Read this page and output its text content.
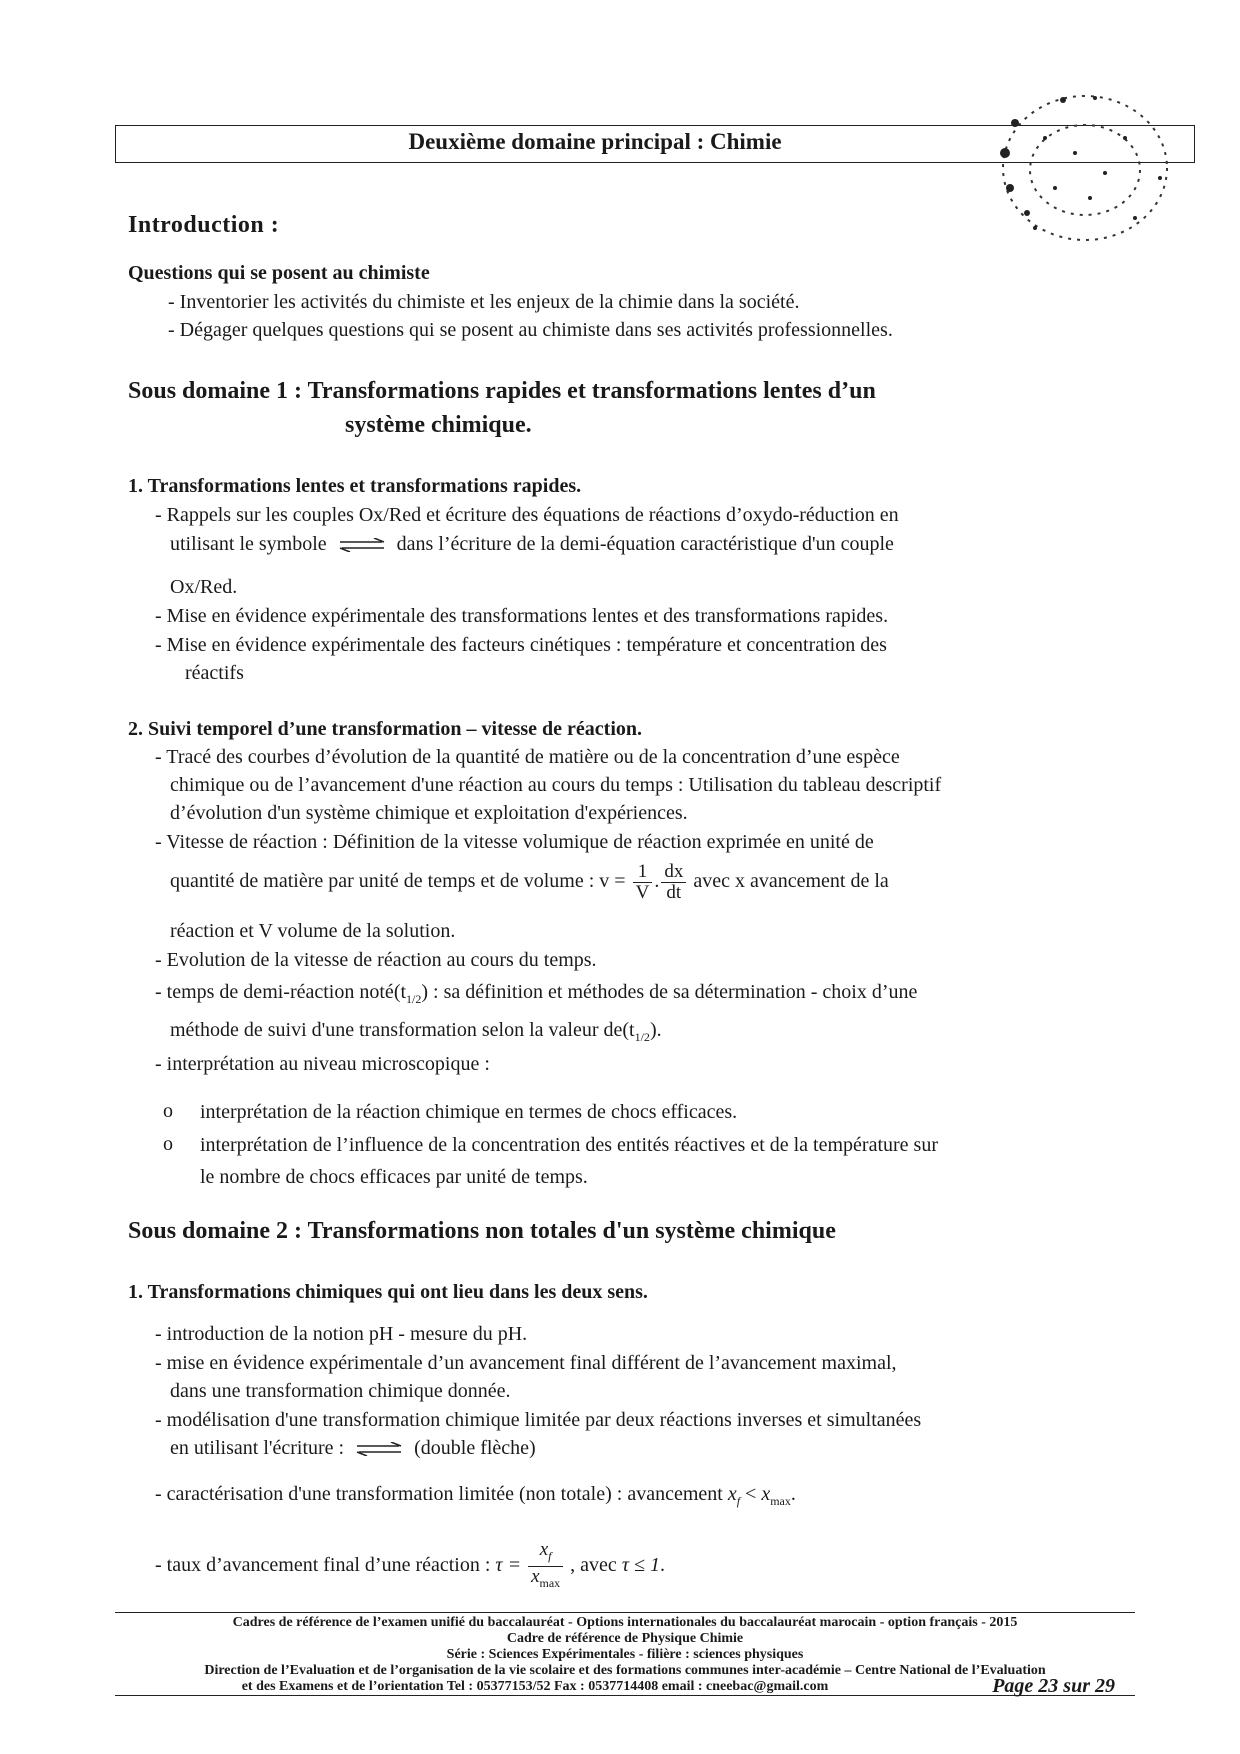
Deuxième domaine principal : Chimie
Introduction :
Questions qui se posent au chimiste
- Inventorier les activités du chimiste et les enjeux de la chimie dans la société.
- Dégager quelques questions qui se posent au chimiste dans ses activités professionnelles.
Sous domaine 1 : Transformations rapides et transformations lentes d’un
système chimique.
1. Transformations lentes et transformations rapides.
- Rappels sur les couples Ox/Red et écriture des équations de réactions d’oxydo-réduction en
utilisant le symbole ⇌ dans l’écriture de la demi-équation caractéristique d'un couple
Ox/Red.
- Mise en évidence expérimentale des transformations lentes et des transformations rapides.
- Mise en évidence expérimentale des facteurs cinétiques : température et concentration des
réactifs
2. Suivi temporel d’une transformation – vitesse de réaction.
- Tracé des courbes d’évolution de la quantité de matière ou de la concentration d’une espèce
chimique ou de l’avancement d'une réaction au cours du temps : Utilisation du tableau descriptif
d’évolution d'un système chimique et exploitation d'expériences.
- Vitesse de réaction : Définition de la vitesse volumique de réaction exprimée en unité de
quantité de matière par unité de temps et de volume : $v = \frac{1}{V}$ . $\frac{dx}{dt}$ avec x avancement de la
réaction et V volume de la solution.
- Evolution de la vitesse de réaction au cours du temps.
- temps de demi-réaction $noté(t_{1/2})$ : sa définition et méthodes de sa détermination - choix d’une
méthode de suivi d'une transformation selon la valeur $de(t_{1/2})$.
- interprétation au niveau microscopique :
o interprétation de la réaction chimique en termes de chocs efficaces.
o interprétation de l’influence de la concentration des entités réactives et de la température sur
le nombre de chocs efficaces par unité de temps.
Sous domaine 2 : Transformations non totales d'un système chimique
1. Transformations chimiques qui ont lieu dans les deux sens.
- introduction de la notion pH - mesure du pH.
- mise en évidence expérimentale d’un avancement final différent de l’avancement maximal,
dans une transformation chimique donnée.
- modélisation d'une transformation chimique limitée par deux réactions inverses et simultanées
en utilisant l'écriture :	(double flèche)
- caractérisation d'une transformation limitée (non totale) : avancement $x_f < x_{max}$.
- taux d’avancement final d’une réaction : $\tau = \frac{x_f}{x_{max}}$ , avec τ ≤ 1.
Cadres de référence de l’examen unifié du baccalauréat - Options internationales du baccalauréat marocain - option français - 2015
Cadre de référence de Physique Chimie
Série : Sciences Expérimentales - filière : sciences physiques
Direction de l’Evaluation et de l’organisation de la vie scolaire et des formations communes inter-académie – Centre National de l’Evaluation
et des Examens et de l’orientation Tel : 05377153/52 Fax : 0537714408 email : cneebac@gmail.com	Page 23 sur 29
